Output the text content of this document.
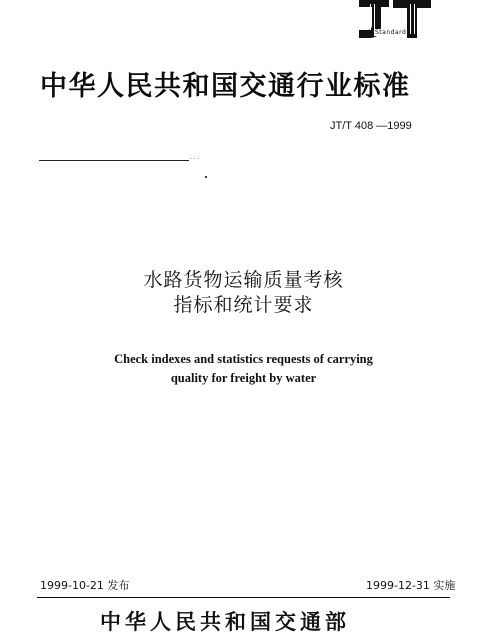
Standard
中华人民共和国交通行业标准
JT/T 408 —1999
· · ·
水路货物运输质量考核
指标和统计要求
Check indexes and statistics requests of carrying
quality for freight by water
1999-10-21 发布	1999-12-31 实施
中华人民共和国交通部
